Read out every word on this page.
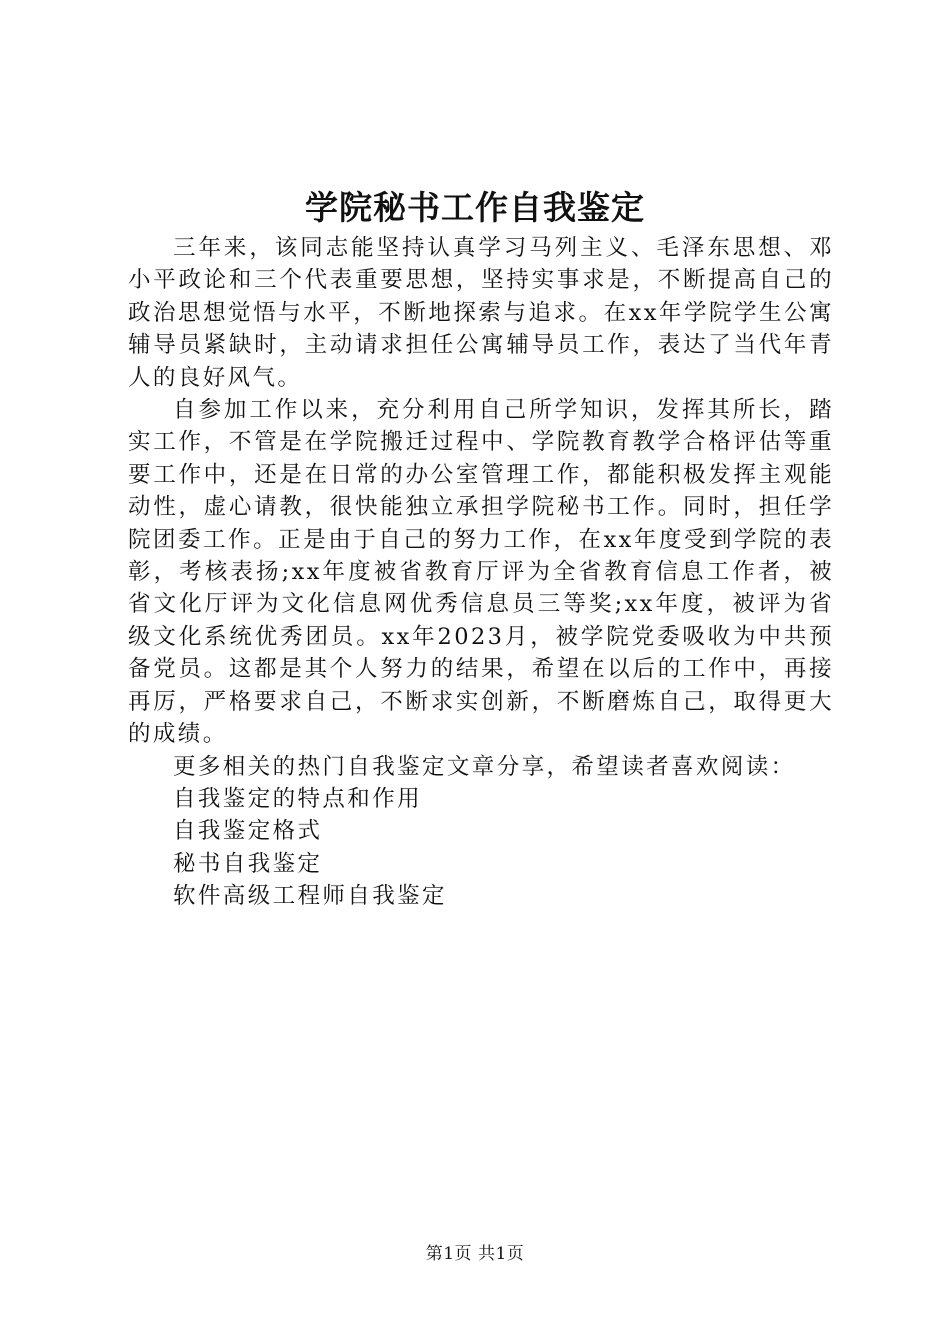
学院秘书工作自我鉴定

三年来，该同志能坚持认真学习马列主义、毛泽东思想、邓小平政论和三个代表重要思想，坚持实事求是，不断提高自己的政治思想觉悟与水平，不断地探索与追求。在xx年学院学生公寓辅导员紧缺时，主动请求担任公寓辅导员工作，表达了当代年青人的良好风气。

自参加工作以来，充分利用自己所学知识，发挥其所长，踏实工作，不管是在学院搬迁过程中、学院教育教学合格评估等重要工作中，还是在日常的办公室管理工作，都能积极发挥主观能动性，虚心请教，很快能独立承担学院秘书工作。同时，担任学院团委工作。正是由于自己的努力工作，在xx年度受到学院的表彰，考核表扬;xx年度被省教育厅评为全省教育信息工作者，被省文化厅评为文化信息网优秀信息员三等奖;xx年度，被评为省级文化系统优秀团员。xx年2023月，被学院党委吸收为中共预备党员。这都是其个人努力的结果，希望在以后的工作中，再接再厉，严格要求自己，不断求实创新，不断磨炼自己，取得更大的成绩。

更多相关的热门自我鉴定文章分享，希望读者喜欢阅读：

自我鉴定的特点和作用
自我鉴定格式
秘书自我鉴定
软件高级工程师自我鉴定
第1页 共1页
